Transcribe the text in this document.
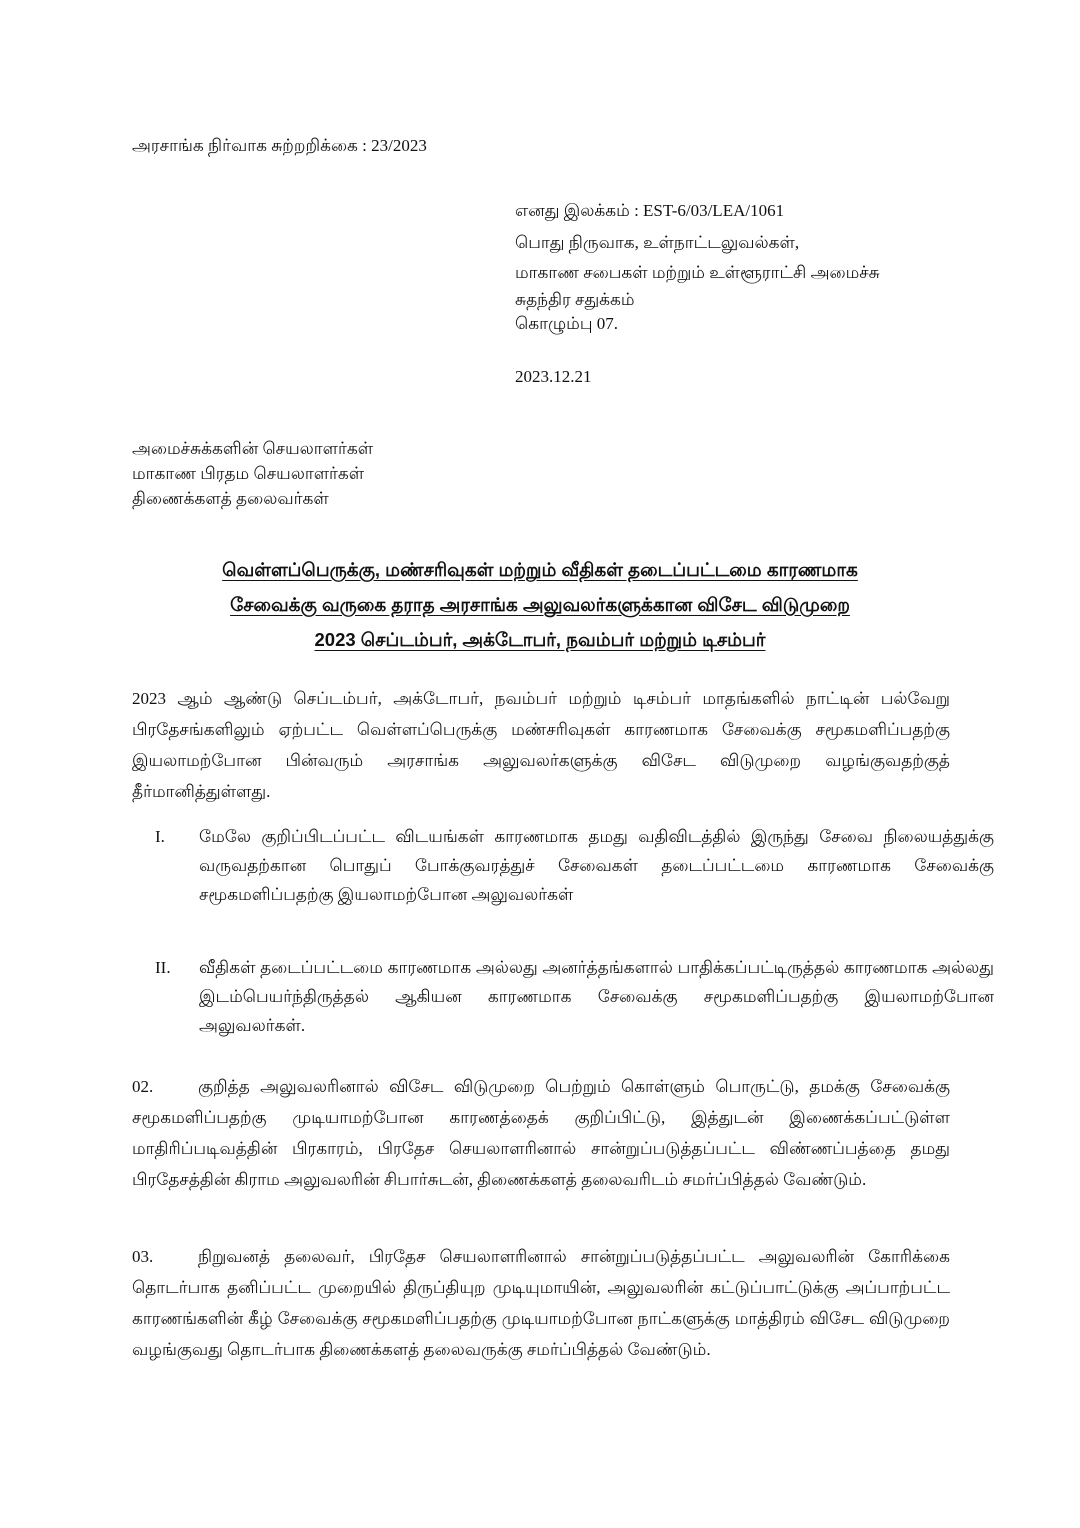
அரசாங்க நிர்வாக சுற்றறிக்கை : 23/2023

எனது இலக்கம் : EST-6/03/LEA/1061

பொது நிருவாக, உள்நாட்டலுவல்கள்,

மாகாண சபைகள் மற்றும் உள்ளூராட்சி அமைச்சு

சுதந்திர சதுக்கம்

கொழும்பு 07.

2023.12.21

அமைச்சுக்களின் செயலாளர்கள்

மாகாண பிரதம செயலாளர்கள்

திணைக்களத் தலைவர்கள்

வெள்ளப்பெருக்கு, மண்சரிவுகள் மற்றும் வீதிகள் தடைப்பட்டமை காரணமாக
சேவைக்கு வருகை தராத அரசாங்க அலுவலர்களுக்கான விசேட விடுமுறை
2023 செப்டம்பர், அக்டோபர், நவம்பர் மற்றும் டிசம்பர்

2023 ஆம் ஆண்டு செப்டம்பர், அக்டோபர், நவம்பர் மற்றும் டிசம்பர் மாதங்களில் நாட்டின் பல்வேறு பிரதேசங்களிலும் ஏற்பட்ட வெள்ளப்பெருக்கு மண்சரிவுகள் காரணமாக சேவைக்கு சமூகமளிப்பதற்கு இயலாமற்போன பின்வரும் அரசாங்க அலுவலர்களுக்கு விசேட விடுமுறை வழங்குவதற்குத் தீர்மானித்துள்ளது.

I. மேலே குறிப்பிடப்பட்ட விடயங்கள் காரணமாக தமது வதிவிடத்தில் இருந்து சேவை நிலையத்துக்கு வருவதற்கான பொதுப் போக்குவரத்துச் சேவைகள் தடைப்பட்டமை காரணமாக சேவைக்கு சமூகமளிப்பதற்கு இயலாமற்போன அலுவலர்கள்
II. வீதிகள் தடைப்பட்டமை காரணமாக அல்லது அனர்த்தங்களால் பாதிக்கப்பட்டிருத்தல் காரணமாக அல்லது இடம்பெயர்ந்திருத்தல் ஆகியன காரணமாக சேவைக்கு சமூகமளிப்பதற்கு இயலாமற்போன அலுவலர்கள்.

02.	குறித்த அலுவலரினால் விசேட விடுமுறை பெற்றும் கொள்ளும் பொருட்டு, தமக்கு சேவைக்கு சமூகமளிப்பதற்கு முடியாமற்போன காரணத்தைக் குறிப்பிட்டு, இத்துடன் இணைக்கப்பட்டுள்ள மாதிரிப்படிவத்தின் பிரகாரம், பிரதேச செயலாளரினால் சான்றுப்படுத்தப்பட்ட விண்ணப்பத்தை தமது பிரதேசத்தின் கிராம அலுவலரின் சிபார்சுடன், திணைக்களத் தலைவரிடம் சமர்ப்பித்தல் வேண்டும்.

03.	நிறுவனத் தலைவர், பிரதேச செயலாளரினால் சான்றுப்படுத்தப்பட்ட அலுவலரின் கோரிக்கை தொடர்பாக தனிப்பட்ட முறையில் திருப்தியுற முடியுமாயின், அலுவலரின் கட்டுப்பாட்டுக்கு அப்பாற்பட்ட காரணங்களின் கீழ் சேவைக்கு சமூகமளிப்பதற்கு முடியாமற்போன நாட்களுக்கு மாத்திரம் விசேட விடுமுறை வழங்குவது தொடர்பாக திணைக்களத் தலைவருக்கு சமர்ப்பித்தல் வேண்டும்.
